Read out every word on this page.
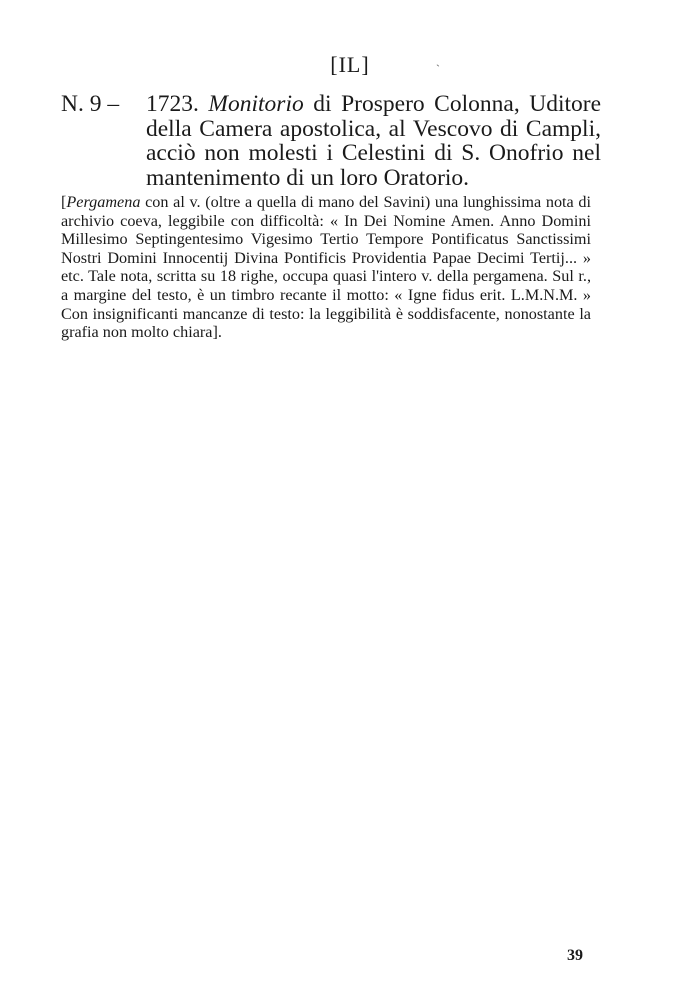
[IL]	`
N. 9 – 1723. Monitorio di Prospero Colonna, Uditore della Camera apostolica, al Vescovo di Campli, acciò non molesti i Celestini di S. Onofrio nel mantenimento di un loro Oratorio.
[Pergamena con al v. (oltre a quella di mano del Savini) una lunghissima nota di archivio coeva, leggibile con difficoltà: « In Dei Nomine Amen. Anno Domini Millesimo Septingentesimo Vigesimo Tertio Tempore Pontificatus Sanctissimi Nostri Domini Innocentij Divina Pontificis Providentia Papae Decimi Tertij... » etc. Tale nota, scritta su 18 righe, occupa quasi l'intero v. della pergamena. Sul r., a margine del testo, è un timbro recante il motto: « Igne fidus erit. L.M.N.M. » Con insignificanti mancanze di testo: la leggibilità è soddisfacente, nonostante la grafia non molto chiara].
39
